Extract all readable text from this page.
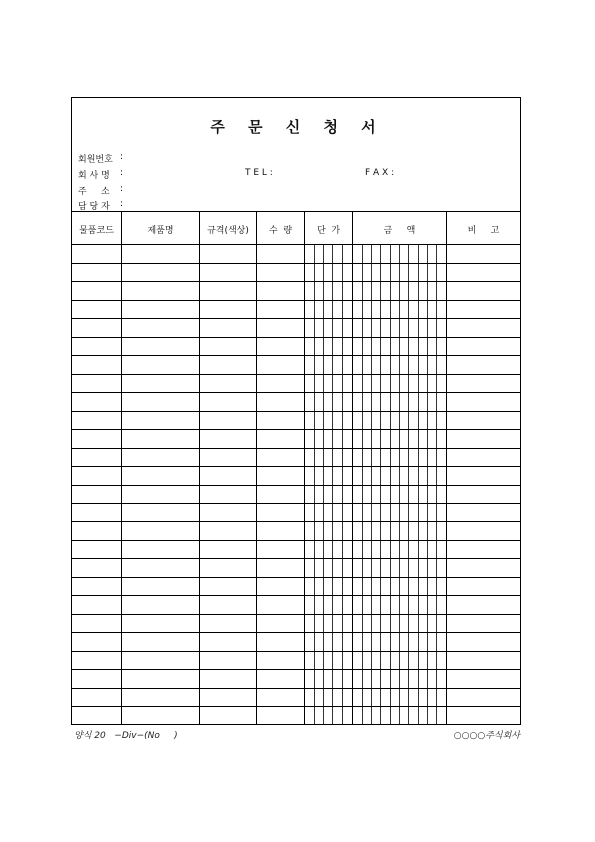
주 문 신 청 서
회원번호 :
회 사 명 :	T E L :	F A X :
주     소 :
담 당 자 :
물품코드	제품명	규격(색상)	수  량	단  가	금     액	비     고
양식 20   −Div−(No     )	○○○○주식회사
